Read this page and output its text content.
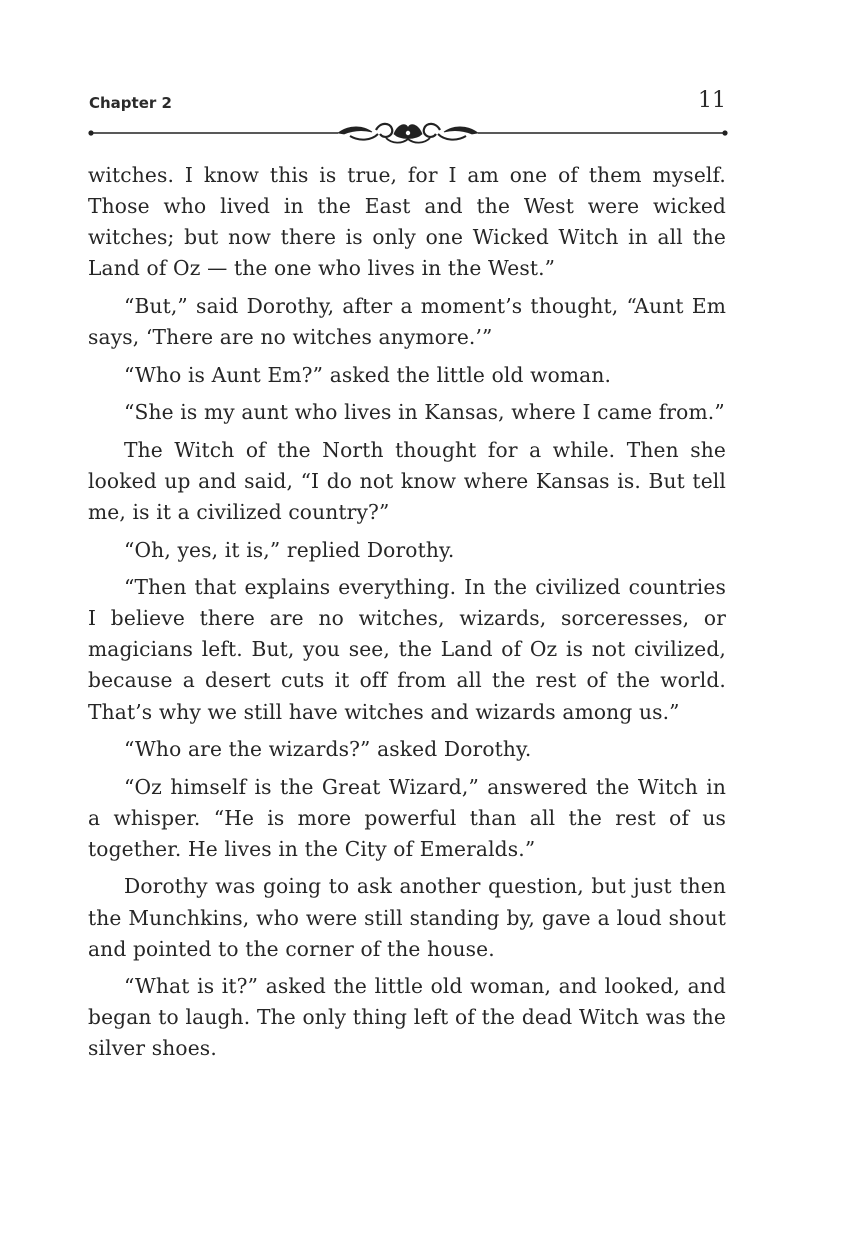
Chapter 2	11

witches. I know this is true, for I am one of them myself. Those who lived in the East and the West were wicked witches; but now there is only one Wicked Witch in all the Land of Oz — the one who lives in the West.”

“But,” said Dorothy, after a moment’s thought, “Aunt Em says, ‘There are no witches anymore.’”

“Who is Aunt Em?” asked the little old woman.

“She is my aunt who lives in Kansas, where I came from.”

The Witch of the North thought for a while. Then she looked up and said, “I do not know where Kansas is. But tell me, is it a civilized country?”

“Oh, yes, it is,” replied Dorothy.

“Then that explains everything. In the civilized countries I believe there are no witches, wizards, sorceresses, or magicians left. But, you see, the Land of Oz is not civilized, because a desert cuts it off from all the rest of the world. That’s why we still have witches and wizards among us.”

“Who are the wizards?” asked Dorothy.

“Oz himself is the Great Wizard,” answered the Witch in a whisper. “He is more powerful than all the rest of us together. He lives in the City of Emeralds.”

Dorothy was going to ask another question, but just then the Munchkins, who were still standing by, gave a loud shout and pointed to the corner of the house.

“What is it?” asked the little old woman, and looked, and began to laugh. The only thing left of the dead Witch was the silver shoes.
